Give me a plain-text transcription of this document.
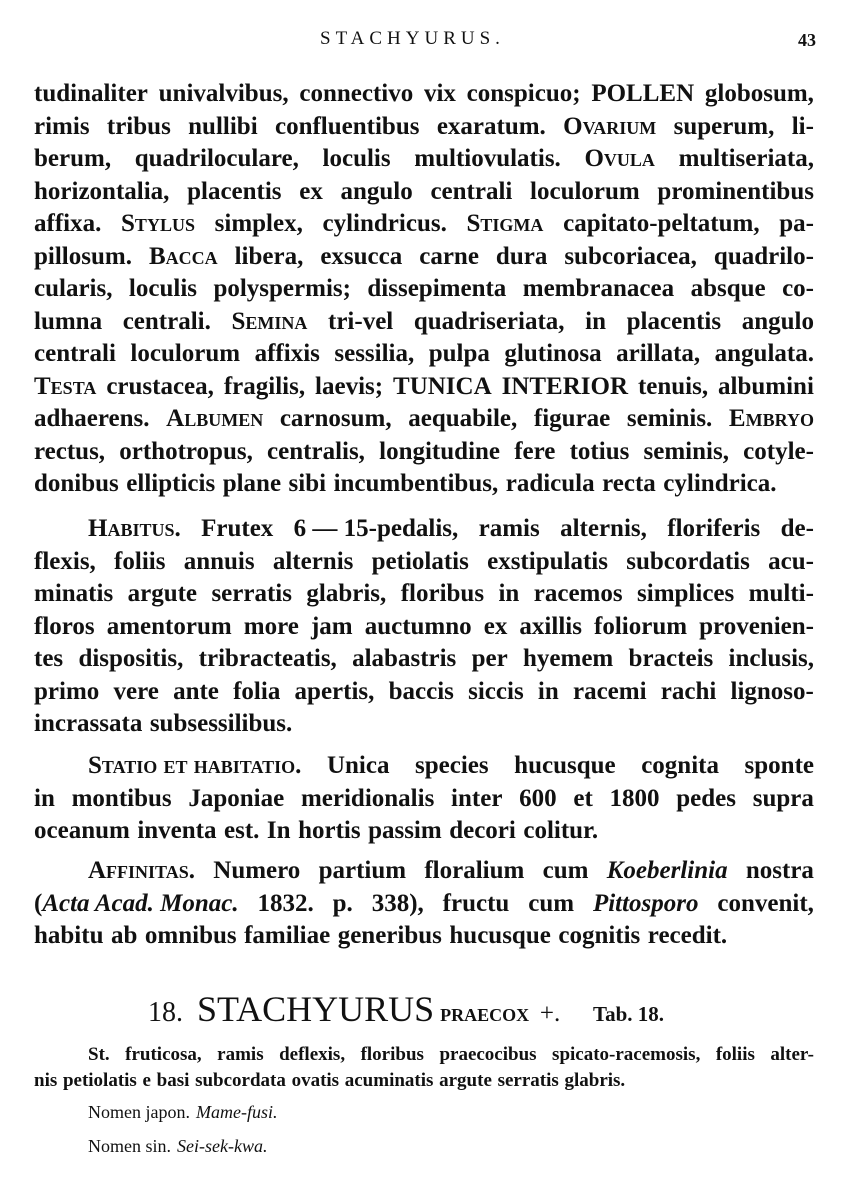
STACHYURUS.	43
tudinaliter univalvibus, connectivo vix conspicuo; POLLEN globosum,
rimis tribus nullibi confluentibus exaratum. Ovarium superum, li-
berum, quadriloculare, loculis multiovulatis. Ovula multiseriata,
horizontalia, placentis ex angulo centrali loculorum prominentibus
affixa. Stylus simplex, cylindricus. Stigma capitato-peltatum, pa-
pillosum. Bacca libera, exsucca carne dura subcoriacea, quadrilo-
cularis, loculis polyspermis; dissepimenta membranacea absque co-
lumna centrali. Semina tri-vel quadriseriata, in placentis angulo
centrali loculorum affixis sessilia, pulpa glutinosa arillata, angulata.
Testa crustacea, fragilis, laevis; TUNICA INTERIOR tenuis, albumini
adhaerens. Albumen carnosum, aequabile, figurae seminis. Embryo
rectus, orthotropus, centralis, longitudine fere totius seminis, cotyle-
donibus ellipticis plane sibi incumbentibus, radicula recta cylindrica.
Habitus. Frutex 6 — 15-pedalis, ramis alternis, floriferis de-
flexis, foliis annuis alternis petiolatis exstipulatis subcordatis acu-
minatis argute serratis glabris, floribus in racemos simplices multi-
floros amentorum more jam auctumno ex axillis foliorum provenien-
tes dispositis, tribracteatis, alabastris per hyemem bracteis inclusis,
primo vere ante folia apertis, baccis siccis in racemi rachi lignoso-
incrassata subsessilibus.
Statio et habitatio. Unica species hucusque cognita sponte
in montibus Japoniae meridionalis inter 600 et 1800 pedes supra
oceanum inventa est. In hortis passim decori colitur.
Affinitas. Numero partium floralium cum Koeberlinia nostra
(Acta Acad. Monac. 1832. p. 338), fructu cum Pittosporo convenit,
habitu ab omnibus familiae generibus hucusque cognitis recedit.
18. STACHYURUS praecox +. Tab. 18.
St. fruticosa, ramis deflexis, floribus praecocibus spicato-racemosis, foliis alter-
nis petiolatis e basi subcordata ovatis acuminatis argute serratis glabris.
Nomen japon. Mame-fusi.
Nomen sin. Sei-sek-kwa.
